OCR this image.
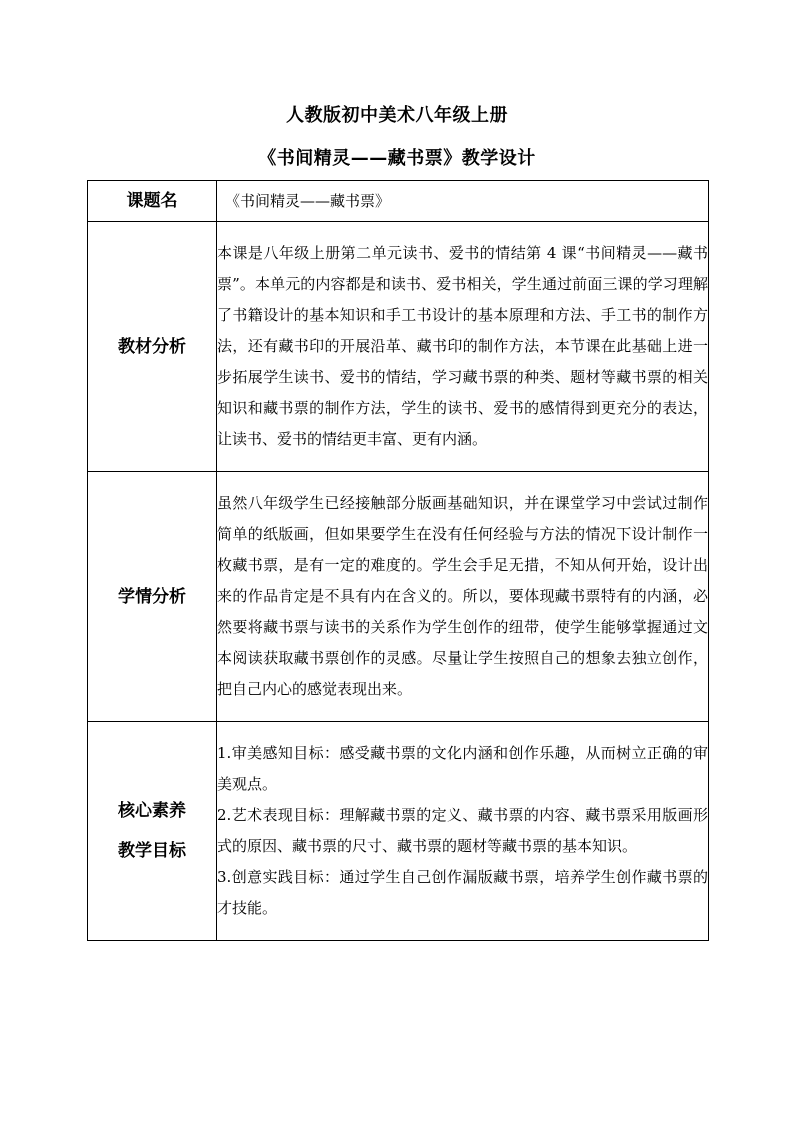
人教版初中美术八年级上册
《书间精灵——藏书票》教学设计
课题名	《书间精灵——藏书票》

教材分析	本课是八年级上册第二单元读书、爱书的情结第 4 课“书间精灵——藏书票”。本单元的内容都是和读书、爱书相关，学生通过前面三课的学习理解了书籍设计的基本知识和手工书设计的基本原理和方法、手工书的制作方法，还有藏书印的开展沿革、藏书印的制作方法，本节课在此基础上进一步拓展学生读书、爱书的情结，学习藏书票的种类、题材等藏书票的相关知识和藏书票的制作方法，学生的读书、爱书的感情得到更充分的表达，让读书、爱书的情结更丰富、更有内涵。

学情分析	虽然八年级学生已经接触部分版画基础知识，并在课堂学习中尝试过制作简单的纸版画，但如果要学生在没有任何经验与方法的情况下设计制作一枚藏书票，是有一定的难度的。学生会手足无措，不知从何开始，设计出来的作品肯定是不具有内在含义的。所以，要体现藏书票特有的内涵，必然要将藏书票与读书的关系作为学生创作的纽带，使学生能够掌握通过文本阅读获取藏书票创作的灵感。尽量让学生按照自己的想象去独立创作，把自己内心的感觉表现出来。

核心素养
教学目标	1.审美感知目标：感受藏书票的文化内涵和创作乐趣，从而树立正确的审美观点。
2.艺术表现目标：理解藏书票的定义、藏书票的内容、藏书票采用版画形式的原因、藏书票的尺寸、藏书票的题材等藏书票的基本知识。
3.创意实践目标：通过学生自己创作漏版藏书票，培养学生创作藏书票的才技能。
